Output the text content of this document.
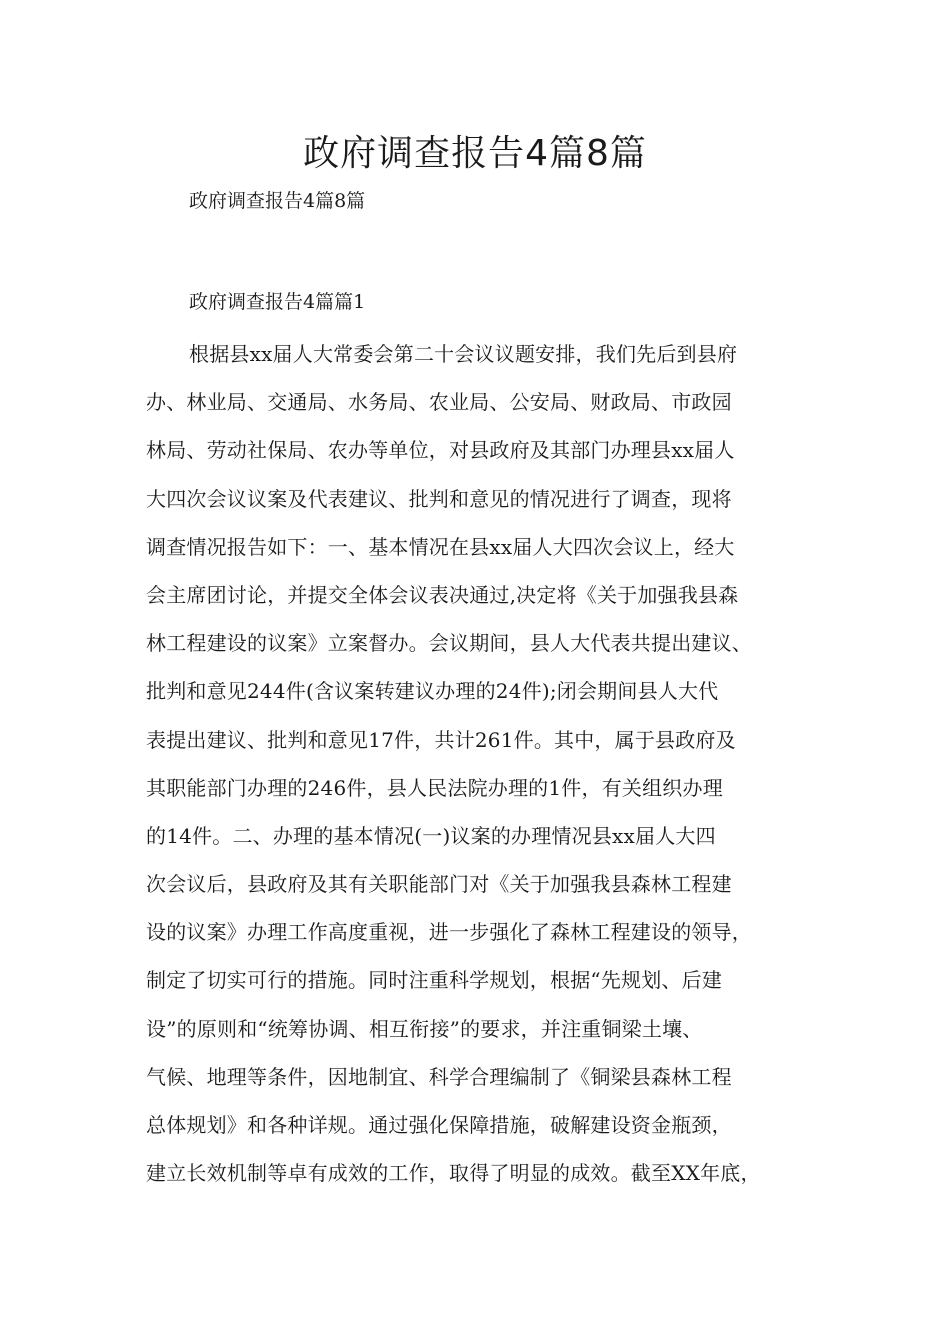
政府调查报告4篇8篇

政府调查报告4篇8篇

政府调查报告4篇篇1

根据县xx届人大常委会第二十会议议题安排，我们先后到县府
办、林业局、交通局、水务局、农业局、公安局、财政局、市政园
林局、劳动社保局、农办等单位，对县政府及其部门办理县xx届人
大四次会议议案及代表建议、批判和意见的情况进行了调查，现将
调查情况报告如下：一、基本情况在县xx届人大四次会议上，经大
会主席团讨论，并提交全体会议表决通过,决定将《关于加强我县森
林工程建设的议案》立案督办。会议期间，县人大代表共提出建议、
批判和意见244件(含议案转建议办理的24件);闭会期间县人大代
表提出建议、批判和意见17件，共计261件。其中，属于县政府及
其职能部门办理的246件，县人民法院办理的1件，有关组织办理
的14件。二、办理的基本情况(一)议案的办理情况县xx届人大四
次会议后，县政府及其有关职能部门对《关于加强我县森林工程建
设的议案》办理工作高度重视，进一步强化了森林工程建设的领导，
制定了切实可行的措施。同时注重科学规划，根据“先规划、后建
设”的原则和“统筹协调、相互衔接”的要求，并注重铜梁土壤、
气候、地理等条件，因地制宜、科学合理编制了《铜梁县森林工程
总体规划》和各种详规。通过强化保障措施，破解建设资金瓶颈，
建立长效机制等卓有成效的工作，取得了明显的成效。截至XX年底，
